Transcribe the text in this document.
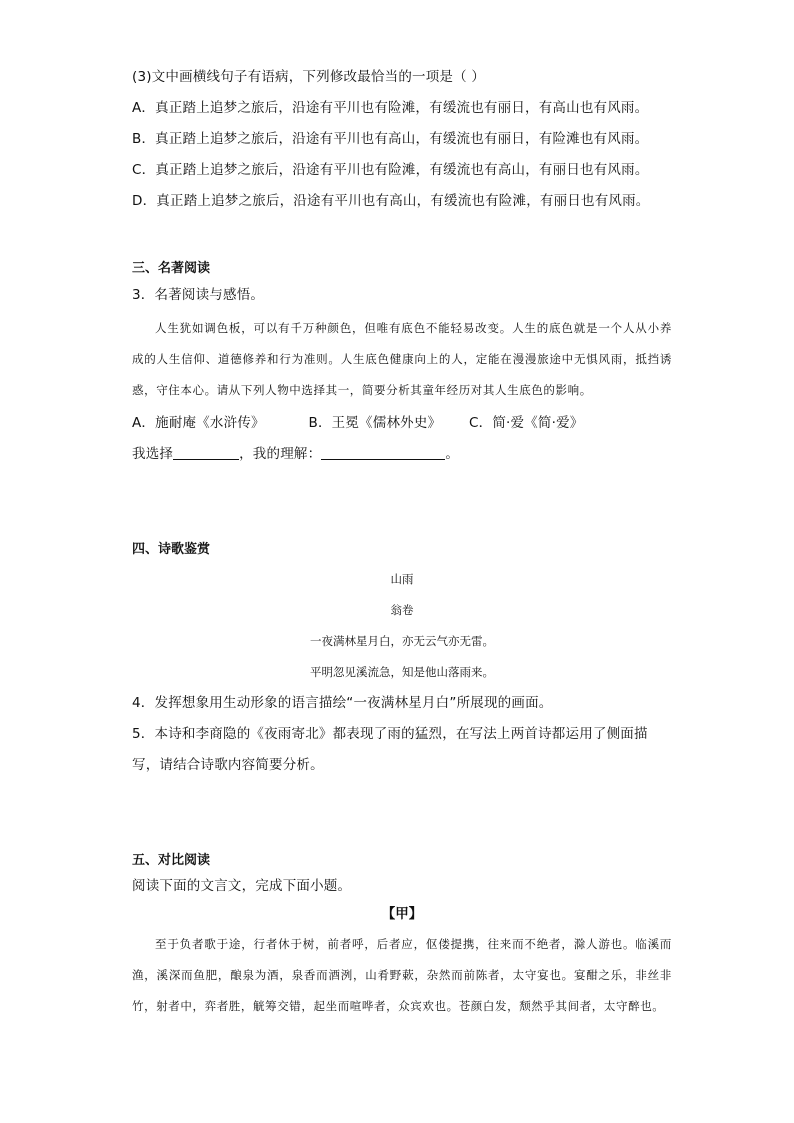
(3)文中画横线句子有语病，下列修改最恰当的一项是（ ）
A．真正踏上追梦之旅后，沿途有平川也有险滩，有缓流也有丽日，有高山也有风雨。
B．真正踏上追梦之旅后，沿途有平川也有高山，有缓流也有丽日，有险滩也有风雨。
C．真正踏上追梦之旅后，沿途有平川也有险滩，有缓流也有高山，有丽日也有风雨。
D．真正踏上追梦之旅后，沿途有平川也有高山，有缓流也有险滩，有丽日也有风雨。
三、名著阅读
3．名著阅读与感悟。

人生犹如调色板，可以有千万种颜色，但唯有底色不能轻易改变。人生的底色就是一个人从小养成的人生信仰、道德修养和行为准则。人生底色健康向上的人，定能在漫漫旅途中无惧风雨，抵挡诱惑，守住本心。请从下列人物中选择其一，简要分析其童年经历对其人生底色的影响。

A．施耐庵《水浒传》	B．王冕《儒林外史》 C．简·爱《简·爱》
我选择	，我的理解：	。
四、诗歌鉴赏
山雨
翁卷
一夜满林星月白，亦无云气亦无雷。
平明忽见溪流急，知是他山落雨来。
4．发挥想象用生动形象的语言描绘“一夜满林星月白”所展现的画面。
5．本诗和李商隐的《夜雨寄北》都表现了雨的猛烈，在写法上两首诗都运用了侧面描
写，请结合诗歌内容简要分析。
五、对比阅读
阅读下面的文言文，完成下面小题。
【甲】

至于负者歌于途，行者休于树，前者呼，后者应，伛偻提携，往来而不绝者，滁人游也。临溪而渔，溪深而鱼肥，酿泉为酒，泉香而酒洌，山肴野蔌，杂然而前陈者，太守宴也。宴酣之乐，非丝非竹，射者中，弈者胜，觥筹交错，起坐而喧哗者，众宾欢也。苍颜白发，颓然乎其间者，太守醉也。
